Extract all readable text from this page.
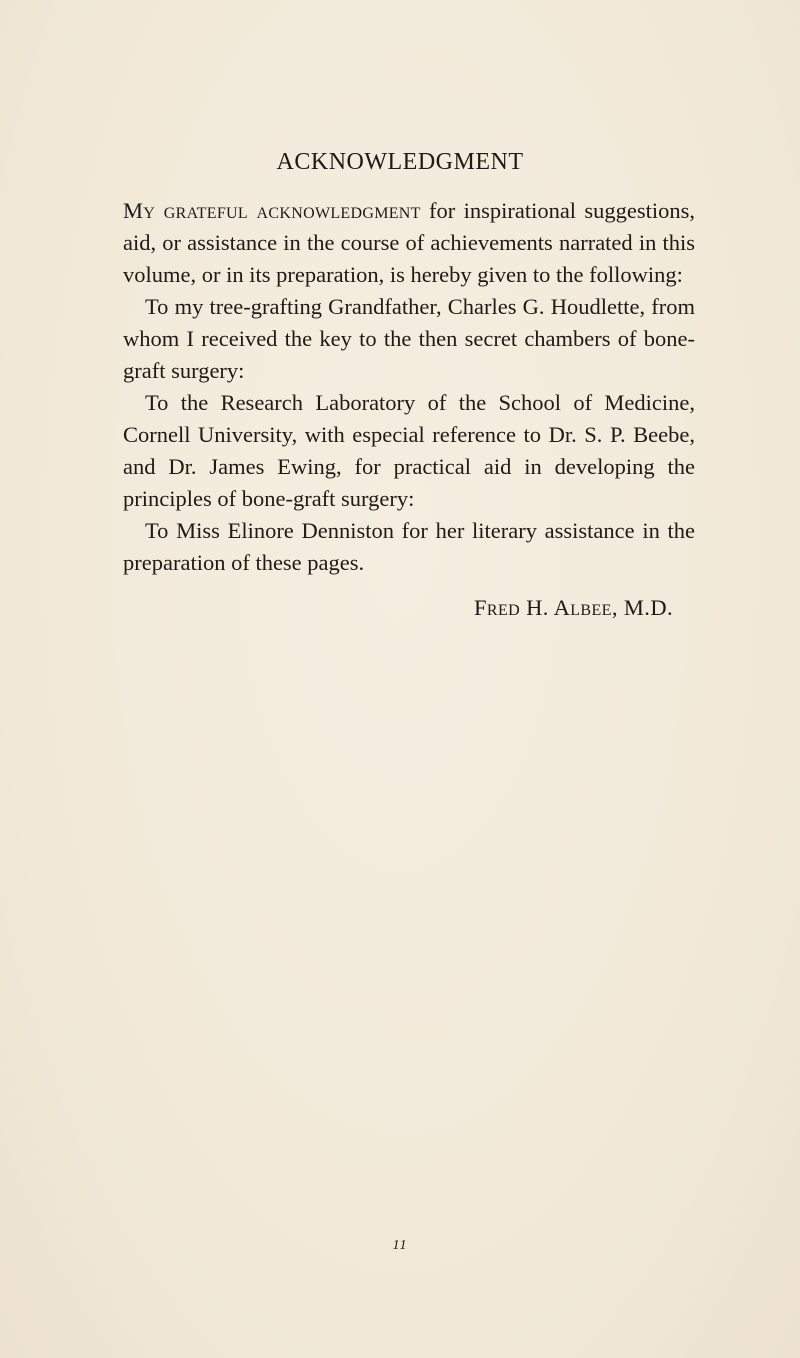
ACKNOWLEDGMENT

My grateful acknowledgment for inspirational suggestions, aid, or assistance in the course of achievements narrated in this volume, or in its preparation, is hereby given to the following:

To my tree-grafting Grandfather, Charles G. Houdlette, from whom I received the key to the then secret chambers of bone-graft surgery:

To the Research Laboratory of the School of Medicine, Cornell University, with especial reference to Dr. S. P. Beebe, and Dr. James Ewing, for practical aid in developing the principles of bone-graft surgery:

To Miss Elinore Denniston for her literary assistance in the preparation of these pages.

Fred H. Albee, M.D.

11
